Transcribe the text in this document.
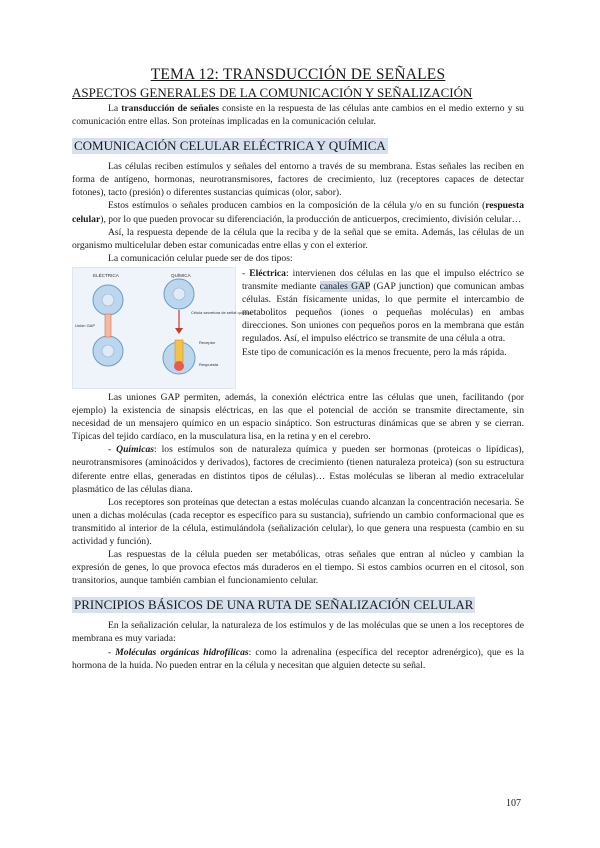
TEMA 12: TRANSDUCCIÓN DE SEÑALES
ASPECTOS GENERALES DE LA COMUNICACIÓN Y SEÑALIZACIÓN

La transducción de señales consiste en la respuesta de las células ante cambios en el medio externo y su comunicación entre ellas. Son proteínas implicadas en la comunicación celular.

COMUNICACIÓN CELULAR ELÉCTRICA Y QUÍMICA

Las células reciben estímulos y señales del entorno a través de su membrana. Estas señales las reciben en forma de antígeno, hormonas, neurotransmisores, factores de crecimiento, luz (receptores capaces de detectar fotones), tacto (presión) o diferentes sustancias químicas (olor, sabor).

Estos estímulos o señales producen cambios en la composición de la célula y/o en su función (respuesta celular), por lo que pueden provocar su diferenciación, la producción de anticuerpos, crecimiento, división celular…

Así, la respuesta depende de la célula que la reciba y de la señal que se emita. Además, las células de un organismo multicelular deben estar comunicadas entre ellas y con el exterior.

La comunicación celular puede ser de dos tipos:

ELÉCTRICA	QUÍMICA
Unión GAP
Célula secretora de señal química
Receptor
Respuesta

- Eléctrica: intervienen dos células en las que el impulso eléctrico se transmite mediante canales GAP (GAP junction) que comunican ambas células. Están físicamente unidas, lo que permite el intercambio de metabolitos pequeños (iones o pequeñas moléculas) en ambas direcciones. Son uniones con pequeños poros en la membrana que están regulados. Así, el impulso eléctrico se transmite de una célula a otra.

Este tipo de comunicación es la menos frecuente, pero la más rápida.

Las uniones GAP permiten, además, la conexión eléctrica entre las células que unen, facilitando (por ejemplo) la existencia de sinapsis eléctricas, en las que el potencial de acción se transmite directamente, sin necesidad de un mensajero químico en un espacio sináptico. Son estructuras dinámicas que se abren y se cierran. Típicas del tejido cardíaco, en la musculatura lisa, en la retina y en el cerebro.

- Químicas: los estímulos son de naturaleza química y pueden ser hormonas (proteicas o lipídicas), neurotransmisores (aminoácidos y derivados), factores de crecimiento (tienen naturaleza proteica) (son su estructura diferente entre ellas, generadas en distintos tipos de células)… Estas moléculas se liberan al medio extracelular plasmático de las células diana.

Los receptores son proteínas que detectan a estas moléculas cuando alcanzan la concentración necesaria. Se unen a dichas moléculas (cada receptor es específico para su sustancia), sufriendo un cambio conformacional que es transmitido al interior de la célula, estimulándola (señalización celular), lo que genera una respuesta (cambio en su actividad y función).

Las respuestas de la célula pueden ser metabólicas, otras señales que entran al núcleo y cambian la expresión de genes, lo que provoca efectos más duraderos en el tiempo. Si estos cambios ocurren en el citosol, son transitorios, aunque también cambian el funcionamiento celular.

PRINCIPIOS BÁSICOS DE UNA RUTA DE SEÑALIZACIÓN CELULAR

En la señalización celular, la naturaleza de los estímulos y de las moléculas que se unen a los receptores de membrana es muy variada:

- Moléculas orgánicas hidrofílicas: como la adrenalina (específica del receptor adrenérgico), que es la hormona de la huida. No pueden entrar en la célula y necesitan que alguien detecte su señal.

107
